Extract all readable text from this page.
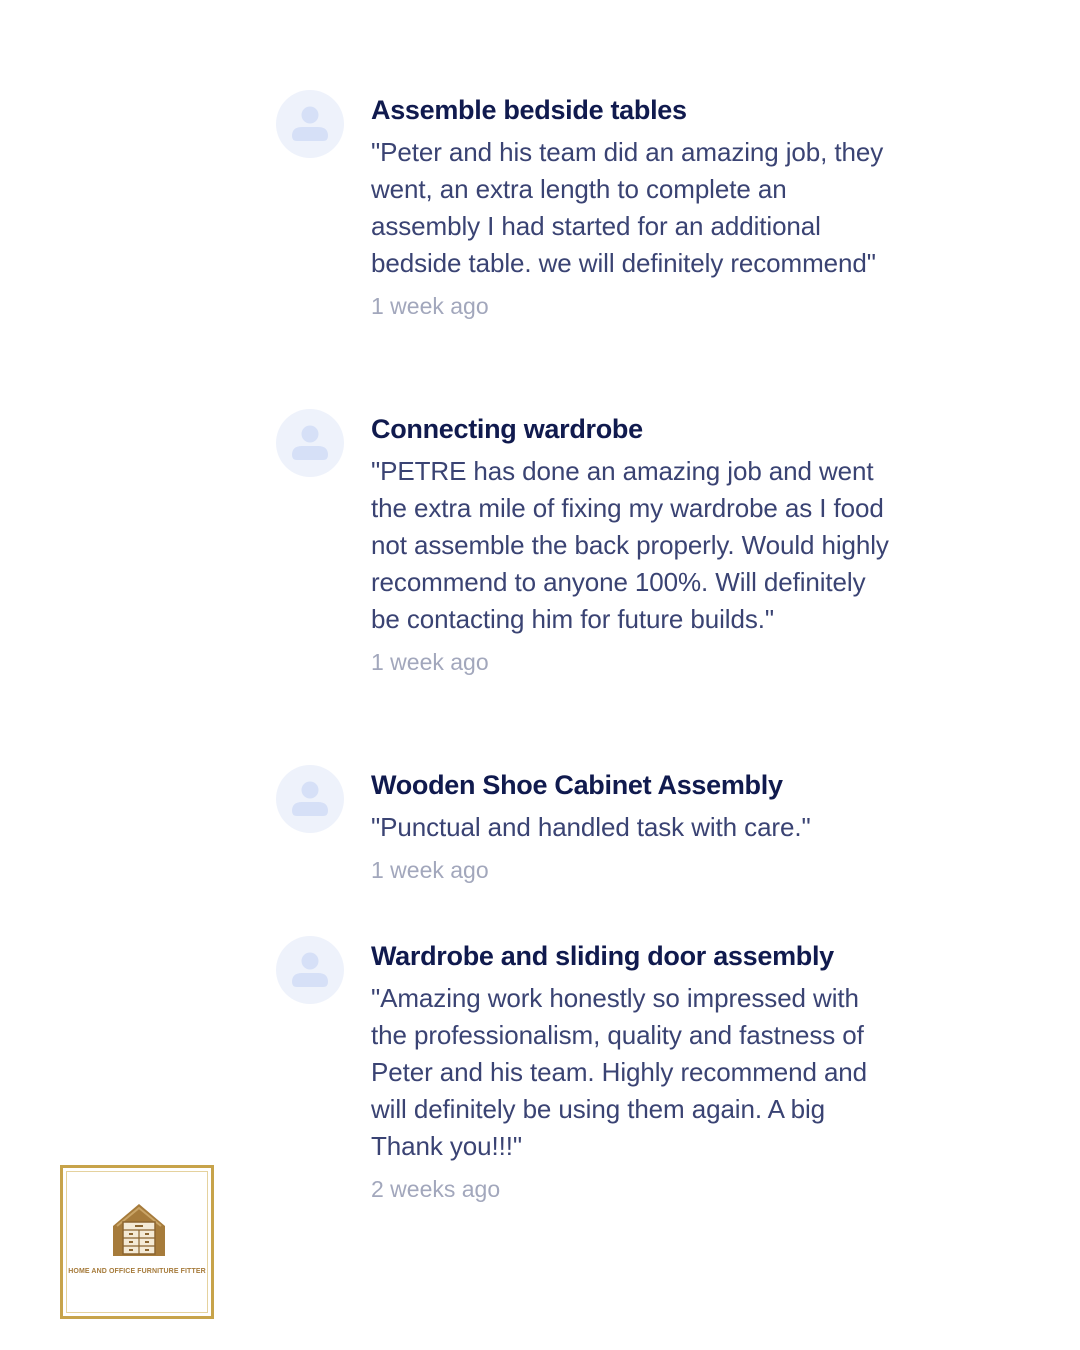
Assemble bedside tables

"Peter and his team did an amazing job, they went, an extra length to complete an assembly I had started for an additional bedside table. we will definitely recommend"

1 week ago
Connecting wardrobe

"PETRE has done an amazing job and went the extra mile of fixing my wardrobe as I food not assemble the back properly. Would highly recommend to anyone 100%. Will definitely be contacting him for future builds."

1 week ago
Wooden Shoe Cabinet Assembly

"Punctual and handled task with care."

1 week ago
Wardrobe and sliding door assembly

"Amazing work honestly so impressed with the professionalism, quality and fastness of Peter and his team. Highly recommend and will definitely be using them again. A big Thank you!!!"

2 weeks ago
HOME AND OFFICE FURNITURE FITTER
